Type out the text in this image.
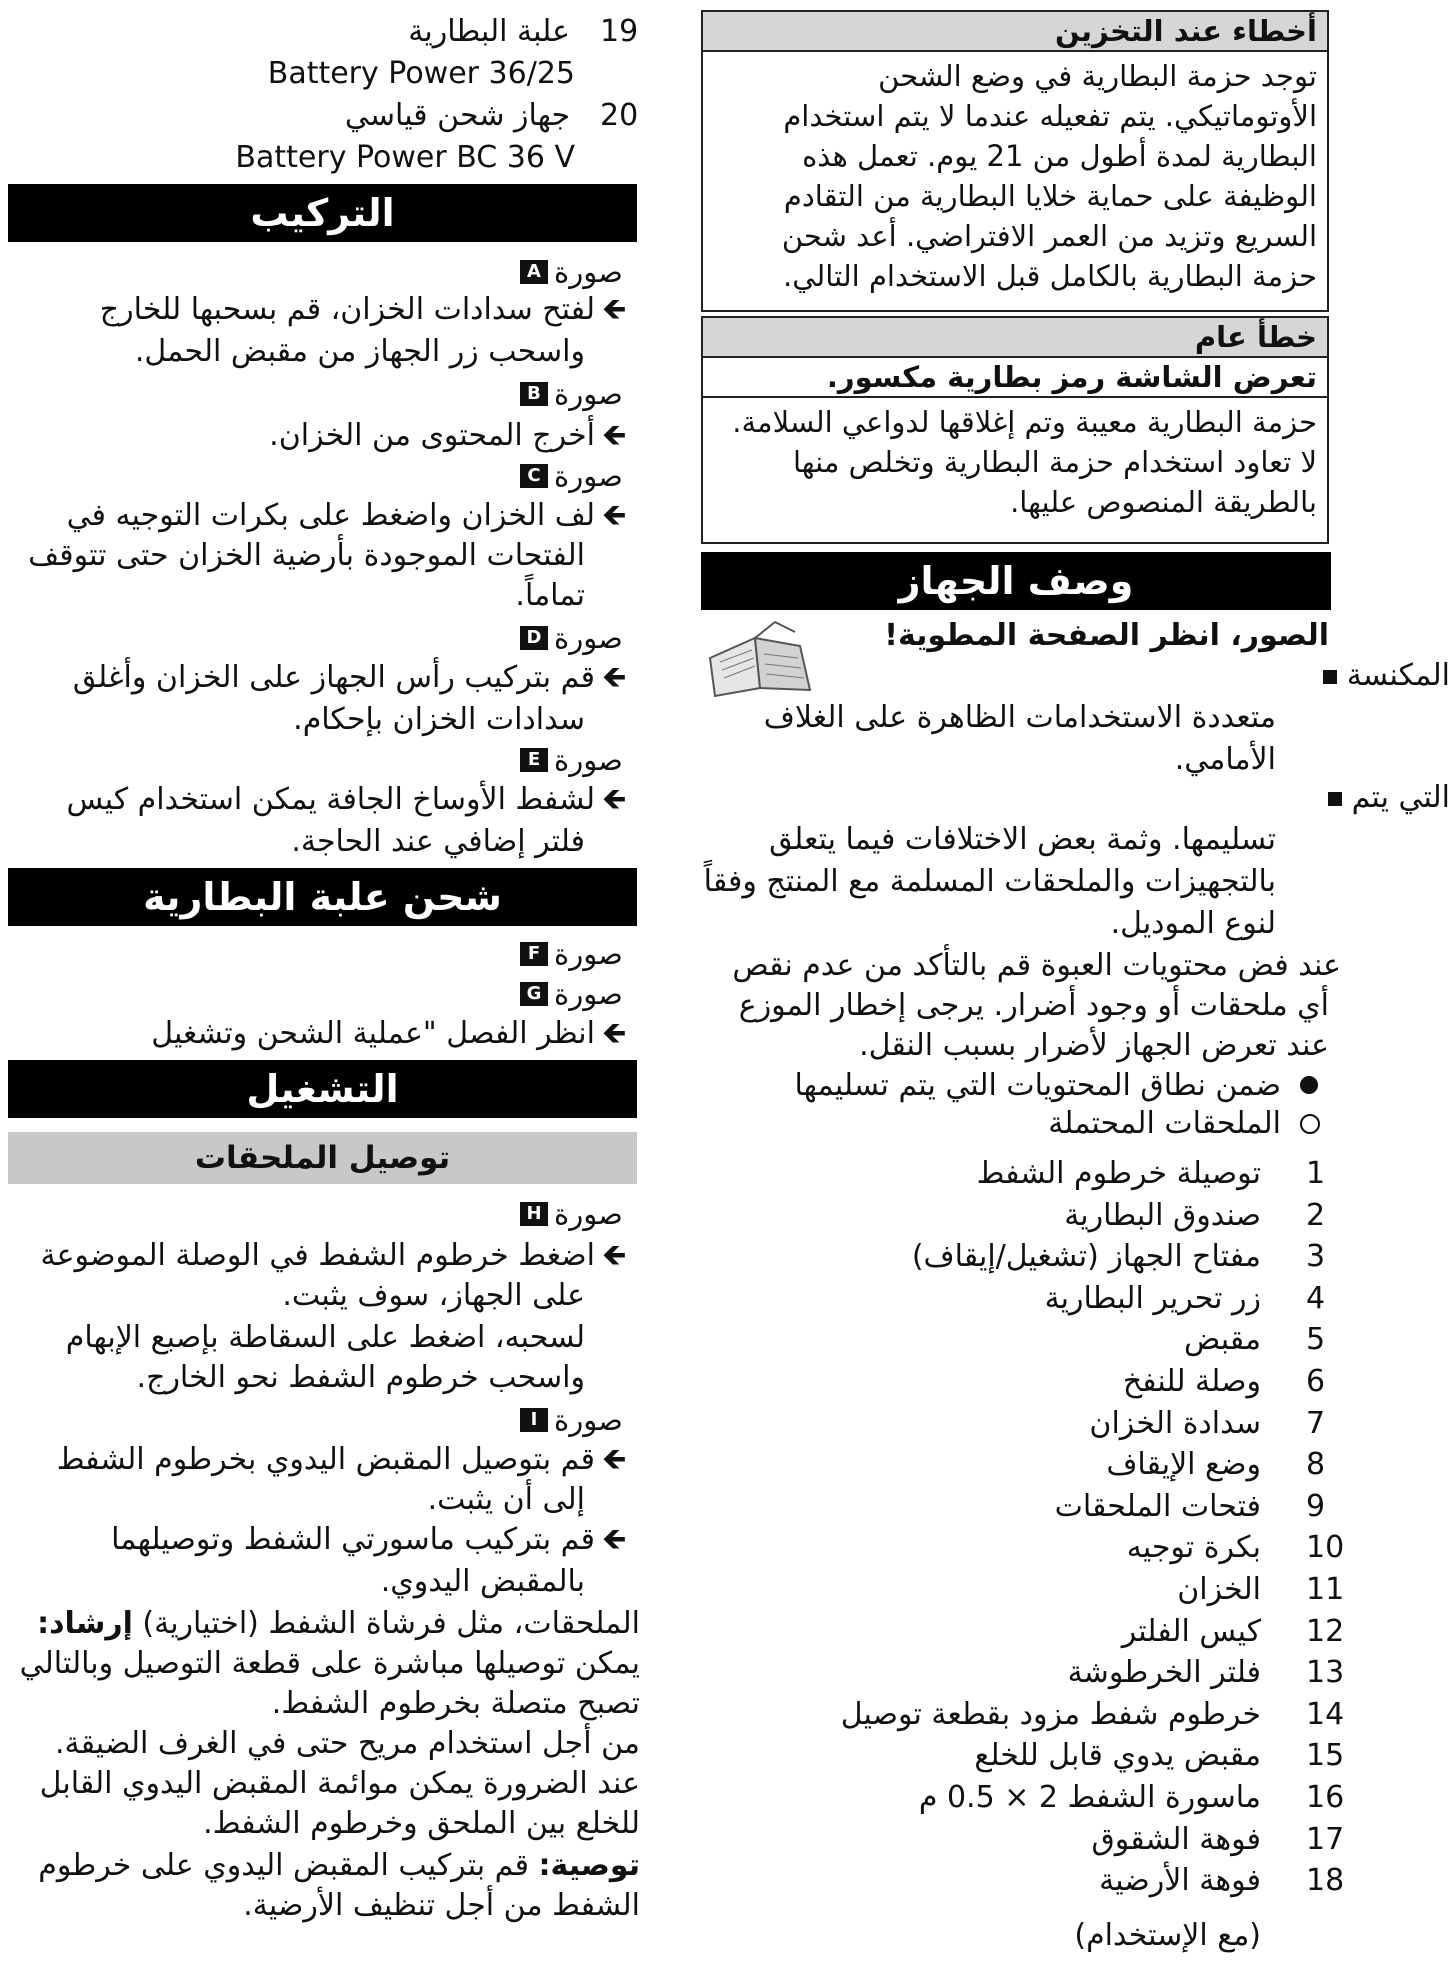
19
علبة البطارية
Battery Power 36/25
20
جهاز شحن قياسي
Battery Power BC 36 V
التركيب
صورة
A
🡸
لفتح سدادات الخزان، قم بسحبها للخارج
واسحب زر الجهاز من مقبض الحمل.
صورة
B
🡸
أخرج المحتوى من الخزان.
صورة
C
🡸
لف الخزان واضغط على بكرات التوجيه في
الفتحات الموجودة بأرضية الخزان حتى تتوقف
تماماً.
صورة
D
🡸
قم بتركيب رأس الجهاز على الخزان وأغلق
سدادات الخزان بإحكام.
صورة
E
🡸
لشفط الأوساخ الجافة يمكن استخدام كيس
فلتر إضافي عند الحاجة.
شحن علبة البطارية
صورة
F
صورة
G
🡸
انظر الفصل "عملية الشحن وتشغيل
التشغيل
توصيل الملحقات
صورة
H
🡸
اضغط خرطوم الشفط في الوصلة الموضوعة
على الجهاز، سوف يثبت.
لسحبه، اضغط على السقاطة بإصبع الإبهام
واسحب خرطوم الشفط نحو الخارج.
صورة
I
🡸
قم بتوصيل المقبض اليدوي بخرطوم الشفط
إلى أن يثبت.
🡸
قم بتركيب ماسورتي الشفط وتوصيلهما
بالمقبض اليدوي.
الملحقات، مثل فرشاة الشفط (اختيارية) إرشاد:
يمكن توصيلها مباشرة على قطعة التوصيل وبالتالي
تصبح متصلة بخرطوم الشفط.
من أجل استخدام مريح حتى في الغرف الضيقة.
عند الضرورة يمكن موائمة المقبض اليدوي القابل
للخلع بين الملحق وخرطوم الشفط.
توصية: قم بتركيب المقبض اليدوي على خرطوم
الشفط من أجل تنظيف الأرضية.
أخطاء عند التخزين
توجد حزمة البطارية في وضع الشحن
الأوتوماتيكي. يتم تفعيله عندما لا يتم استخدام
البطارية لمدة أطول من 21 يوم. تعمل هذه
الوظيفة على حماية خلايا البطارية من التقادم
السريع وتزيد من العمر الافتراضي. أعد شحن
حزمة البطارية بالكامل قبل الاستخدام التالي.
خطأ عام
تعرض الشاشة رمز بطارية مكسور.
حزمة البطارية معيبة وتم إغلاقها لدواعي السلامة.
لا تعاود استخدام حزمة البطارية وتخلص منها
بالطريقة المنصوص عليها.
وصف الجهاز
الصور، انظر الصفحة المطوية!
المكنسة
متعددة الاستخدامات الظاهرة على الغلاف
الأمامي.
التي يتم
تسليمها. وثمة بعض الاختلافات فيما يتعلق
بالتجهيزات والملحقات المسلمة مع المنتج وفقاً
لنوع الموديل.
عند فض محتويات العبوة قم بالتأكد من عدم نقص
أي ملحقات أو وجود أضرار. يرجى إخطار الموزع
عند تعرض الجهاز لأضرار بسبب النقل.
ضمن نطاق المحتويات التي يتم تسليمها
الملحقات المحتملة
1
توصيلة خرطوم الشفط
2
صندوق البطارية
3
مفتاح الجهاز (تشغيل/إيقاف)
4
زر تحرير البطارية
5
مقبض
6
وصلة للنفخ
7
سدادة الخزان
8
وضع الإيقاف
9
فتحات الملحقات
10
بكرة توجيه
11
الخزان
12
كيس الفلتر
13
فلتر الخرطوشة
14
خرطوم شفط مزود بقطعة توصيل
15
مقبض يدوي قابل للخلع
16
ماسورة الشفط 2 × 0.5 م
17
فوهة الشقوق
18
فوهة الأرضية
(مع الإستخدام)
